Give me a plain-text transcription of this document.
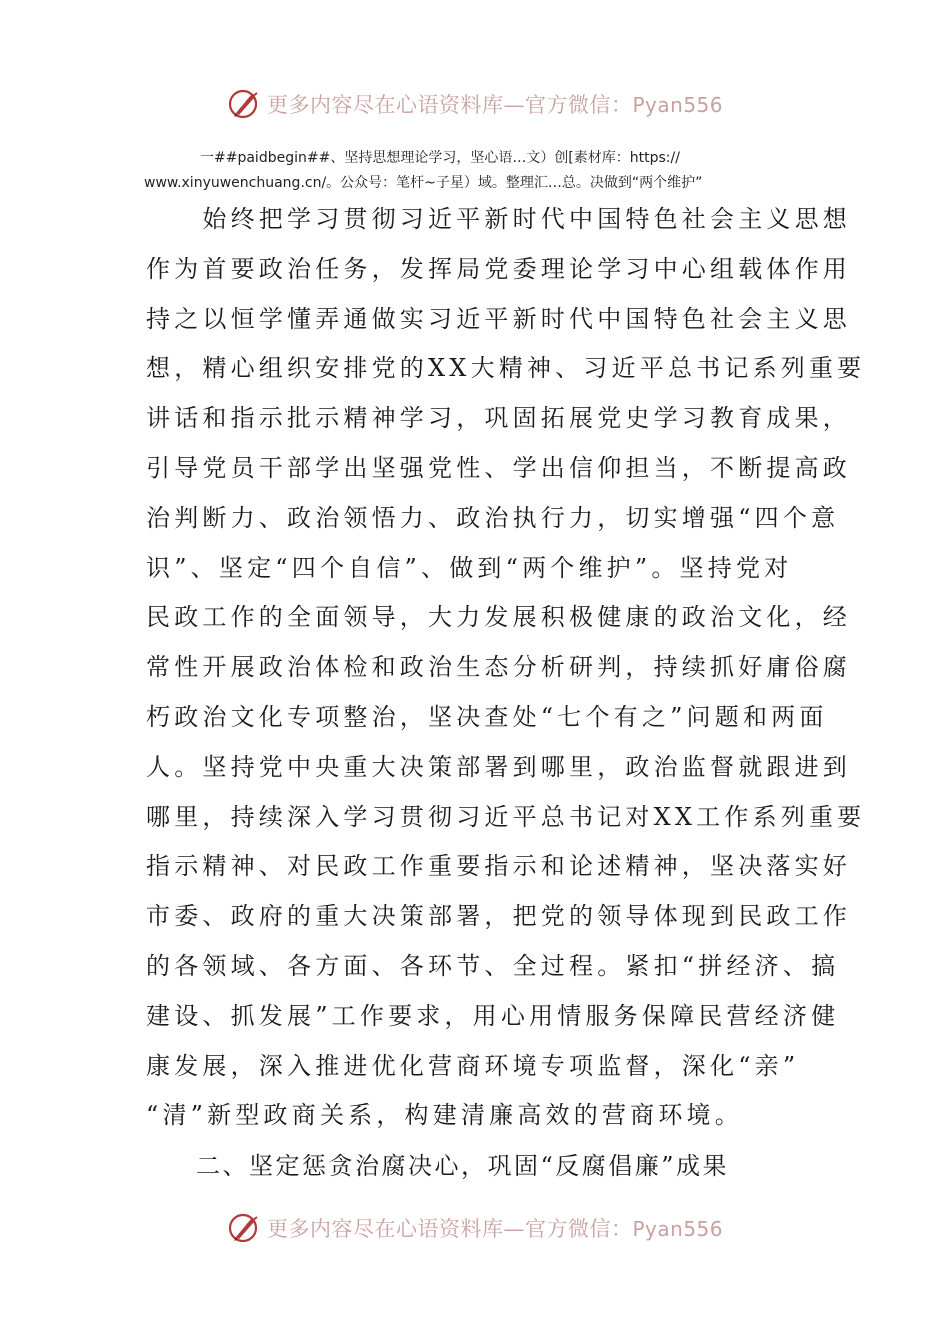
更多内容尽在心语资料库—官方微信：Pyan556
一##paidbegin##、坚持思想理论学习，坚心语…文）创[素材库：https://
www.xinyuwenchuang.cn/。公众号：笔杆~子星）域。整理汇…总。决做到“两个维护”
　　始终把学习贯彻习近平新时代中国特色社会主义思想
作为首要政治任务，发挥局党委理论学习中心组载体作用
持之以恒学懂弄通做实习近平新时代中国特色社会主义思
想，精心组织安排党的XX大精神、习近平总书记系列重要
讲话和指示批示精神学习，巩固拓展党史学习教育成果，
引导党员干部学出坚强党性、学出信仰担当，不断提高政
治判断力、政治领悟力、政治执行力，切实增强“四个意
识”、坚定“四个自信”、做到“两个维护”。坚持党对
民政工作的全面领导，大力发展积极健康的政治文化，经
常性开展政治体检和政治生态分析研判，持续抓好庸俗腐
朽政治文化专项整治，坚决查处“七个有之”问题和两面
人。坚持党中央重大决策部署到哪里，政治监督就跟进到
哪里，持续深入学习贯彻习近平总书记对XX工作系列重要
指示精神、对民政工作重要指示和论述精神，坚决落实好
市委、政府的重大决策部署，把党的领导体现到民政工作
的各领域、各方面、各环节、全过程。紧扣“拼经济、搞
建设、抓发展”工作要求，用心用情服务保障民营经济健
康发展，深入推进优化营商环境专项监督，深化“亲”
“清”新型政商关系，构建清廉高效的营商环境。
二、坚定惩贪治腐决心，巩固“反腐倡廉”成果
更多内容尽在心语资料库—官方微信：Pyan556
